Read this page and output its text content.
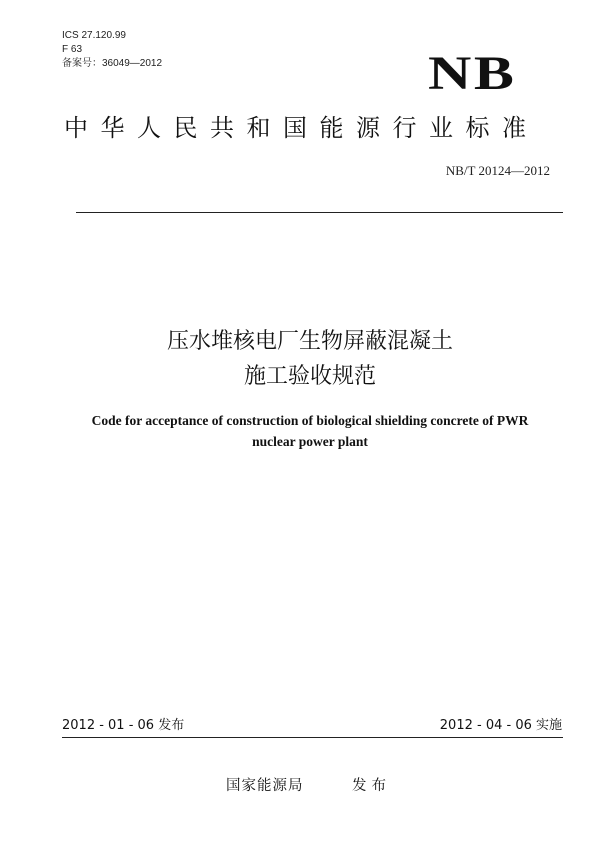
ICS 27.120.99
F 63
备案号：36049—2012	NB
中华人民共和国能源行业标准
NB/T 20124—2012
压水堆核电厂生物屏蔽混凝土
施工验收规范
Code for acceptance of construction of biological shielding concrete of PWR
nuclear power plant
2012 - 01 - 06 发布	2012 - 04 - 06 实施
国家能源局	发布
